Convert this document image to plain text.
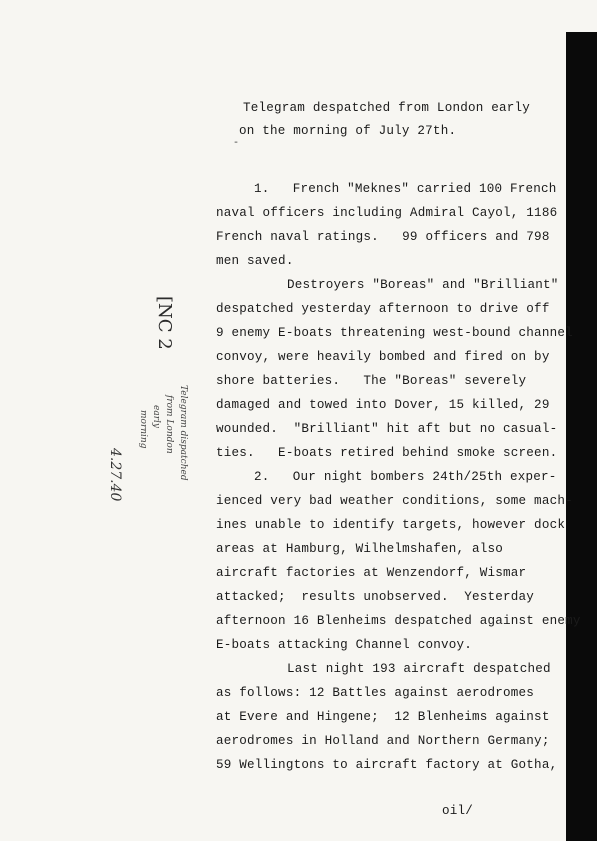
Telegram despatched from London early
on the morning of July 27th.
-
1.   French "Meknes" carried 100 French
naval officers including Admiral Cayol, 1186
French naval ratings.   99 officers and 798
men saved.
Destroyers "Boreas" and "Brilliant"
despatched yesterday afternoon to drive off
9 enemy E-boats threatening west-bound channel
convoy, were heavily bombed and fired on by
shore batteries.   The "Boreas" severely
damaged and towed into Dover, 15 killed, 29
wounded.  "Brilliant" hit aft but no casual-
ties.   E-boats retired behind smoke screen.
2.   Our night bombers 24th/25th exper-
ienced very bad weather conditions, some mach-
ines unable to identify targets, however dock
areas at Hamburg, Wilhelmshafen, also
aircraft factories at Wenzendorf, Wismar
attacked;  results unobserved.  Yesterday
afternoon 16 Blenheims despatched against enemy
E-boats attacking Channel convoy.
Last night 193 aircraft despatched
as follows: 12 Battles against aerodromes
at Evere and Hingene;  12 Blenheims against
aerodromes in Holland and Northern Germany;
59 Wellingtons to aircraft factory at Gotha,
oil/
[NC 2
4.27.40	Telegram dispatched
from London
early
morning
